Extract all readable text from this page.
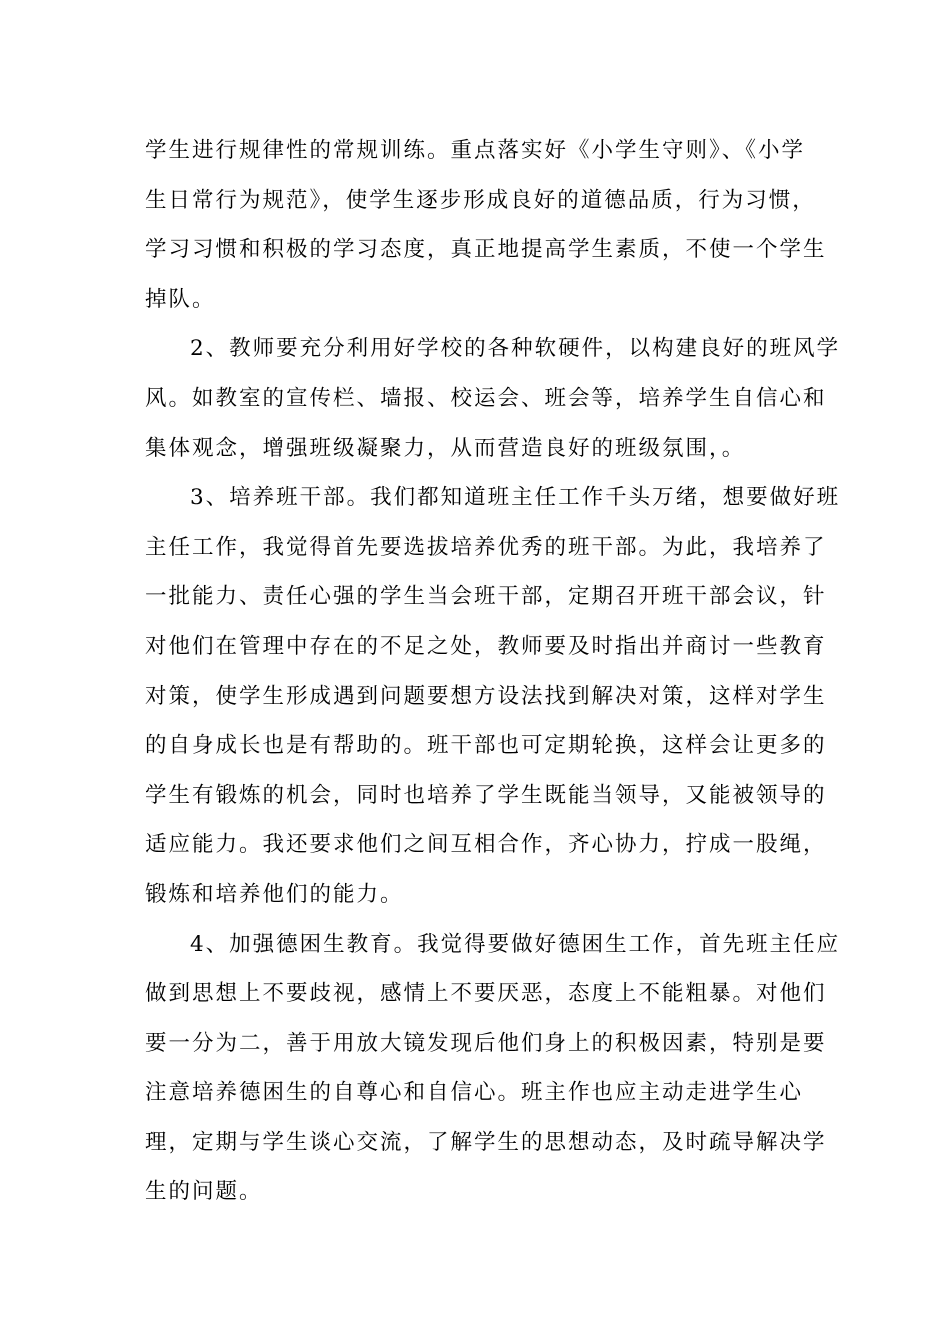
学生进行规律性的常规训练。重点落实好《小学生守则》、《小学
生日常行为规范》，使学生逐步形成良好的道德品质，行为习惯，
学习习惯和积极的学习态度，真正地提高学生素质，不使一个学生
掉队。

2、教师要充分利用好学校的各种软硬件，以构建良好的班风学
风。如教室的宣传栏、墙报、校运会、班会等，培养学生自信心和
集体观念，增强班级凝聚力，从而营造良好的班级氛围，。

3、培养班干部。我们都知道班主任工作千头万绪，想要做好班
主任工作，我觉得首先要选拔培养优秀的班干部。为此，我培养了
一批能力、责任心强的学生当会班干部，定期召开班干部会议，针
对他们在管理中存在的不足之处，教师要及时指出并商讨一些教育
对策，使学生形成遇到问题要想方设法找到解决对策，这样对学生
的自身成长也是有帮助的。班干部也可定期轮换，这样会让更多的
学生有锻炼的机会，同时也培养了学生既能当领导，又能被领导的
适应能力。我还要求他们之间互相合作，齐心协力，拧成一股绳，
锻炼和培养他们的能力。

4、加强德困生教育。我觉得要做好德困生工作，首先班主任应
做到思想上不要歧视，感情上不要厌恶，态度上不能粗暴。对他们
要一分为二，善于用放大镜发现后他们身上的积极因素，特别是要
注意培养德困生的自尊心和自信心。班主作也应主动走进学生心
理，定期与学生谈心交流，了解学生的思想动态，及时疏导解决学
生的问题。
